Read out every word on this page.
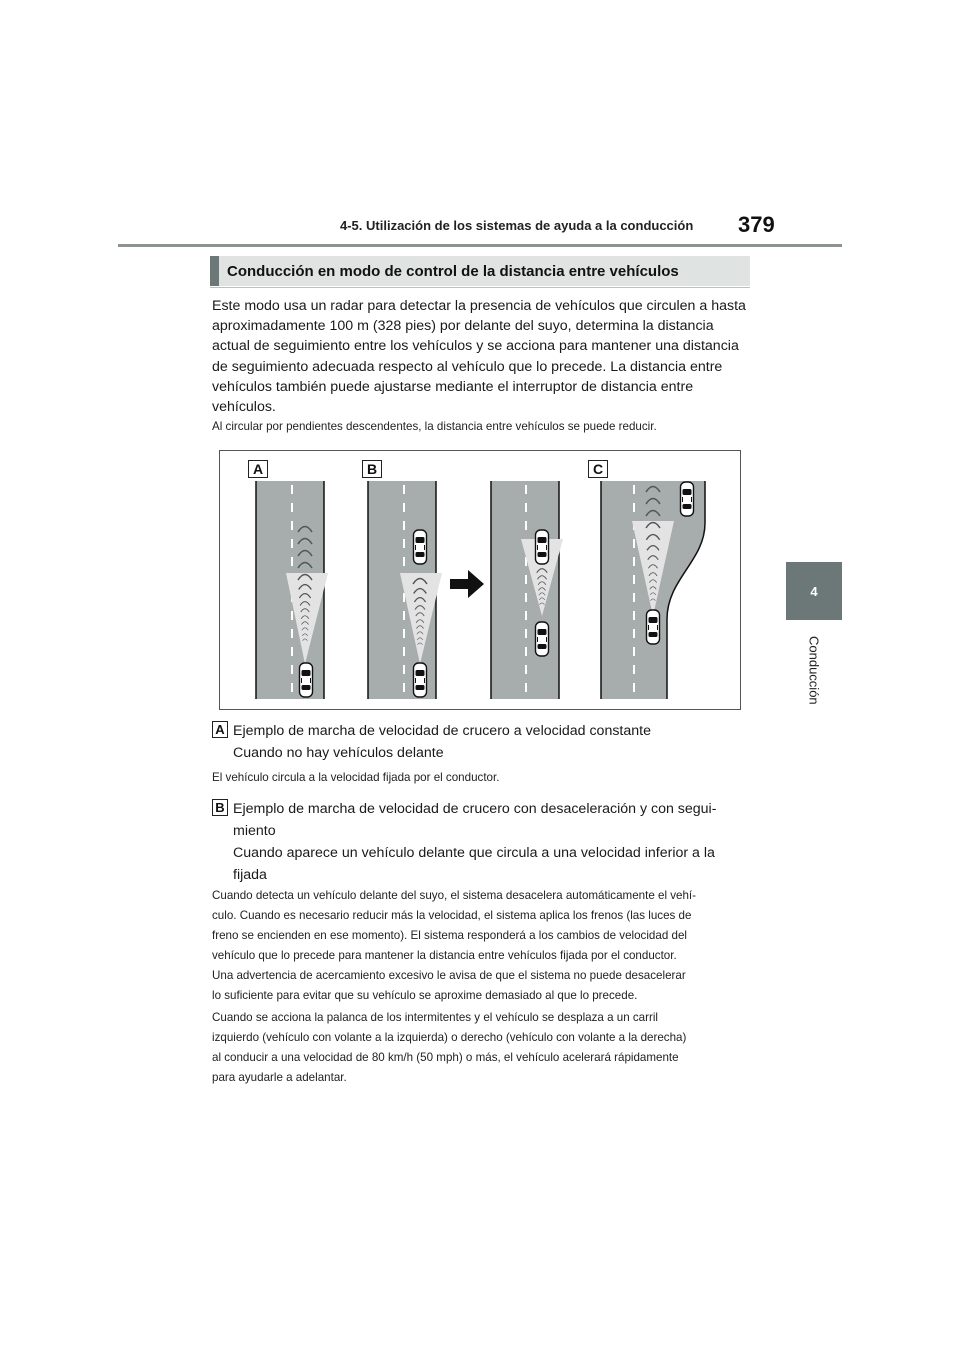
4-5. Utilización de los sistemas de ayuda a la conducción 379
4
Conducción
Conducción en modo de control de la distancia entre vehículos

Este modo usa un radar para detectar la presencia de vehículos que circulen a hasta aproximadamente 100 m (328 pies) por delante del suyo, determina la distancia actual de seguimiento entre los vehículos y se acciona para mantener una distancia de seguimiento adecuada respecto al vehículo que lo precede. La distancia entre vehículos también puede ajustarse mediante el interruptor de distancia entre vehículos.

Al circular por pendientes descendentes, la distancia entre vehículos se puede reducir.

A	B	C
A Ejemplo de marcha de velocidad de crucero a velocidad constante
Cuando no hay vehículos delante
El vehículo circula a la velocidad fijada por el conductor.
B Ejemplo de marcha de velocidad de crucero con desaceleración y con segui-
miento
Cuando aparece un vehículo delante que circula a una velocidad inferior a la
fijada
Cuando detecta un vehículo delante del suyo, el sistema desacelera automáticamente el vehí-
culo. Cuando es necesario reducir más la velocidad, el sistema aplica los frenos (las luces de
freno se encienden en ese momento). El sistema responderá a los cambios de velocidad del
vehículo que lo precede para mantener la distancia entre vehículos fijada por el conductor.
Una advertencia de acercamiento excesivo le avisa de que el sistema no puede desacelerar
lo suficiente para evitar que su vehículo se aproxime demasiado al que lo precede.
Cuando se acciona la palanca de los intermitentes y el vehículo se desplaza a un carril
izquierdo (vehículo con volante a la izquierda) o derecho (vehículo con volante a la derecha)
al conducir a una velocidad de 80 km/h (50 mph) o más, el vehículo acelerará rápidamente
para ayudarle a adelantar.
